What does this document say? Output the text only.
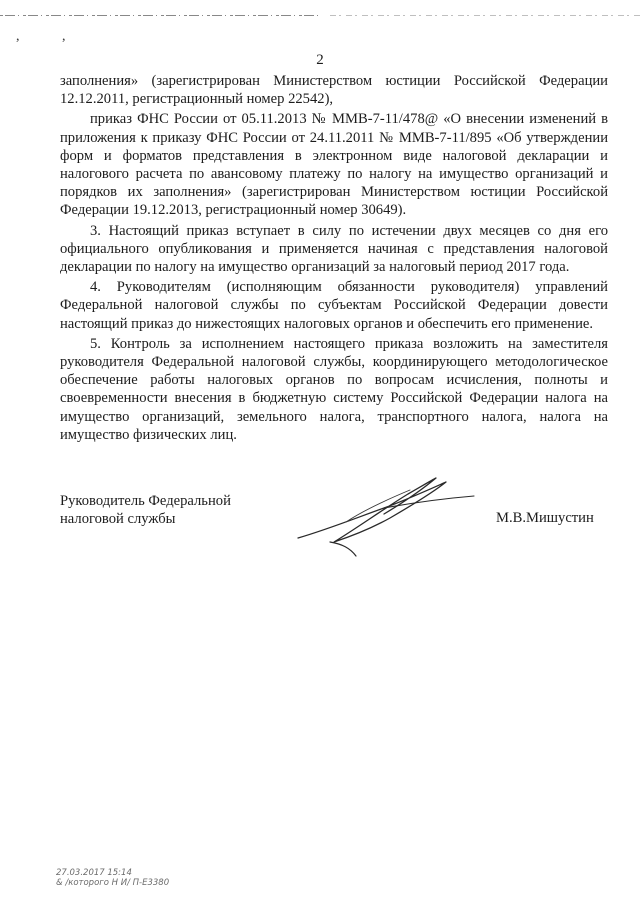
,	,
2

заполнения» (зарегистрирован Министерством юстиции Российской Федерации 12.12.2011, регистрационный номер 22542),

приказ ФНС России от 05.11.2013 № ММВ-7-11/478@ «О внесении изменений в приложения к приказу ФНС России от 24.11.2011 № ММВ-7-11/895 «Об утверждении форм и форматов представления в электронном виде налоговой декларации и налогового расчета по авансовому платежу по налогу на имущество организаций и порядков их заполнения» (зарегистрирован Министерством юстиции Российской Федерации 19.12.2013, регистрационный номер 30649).

3. Настоящий приказ вступает в силу по истечении двух месяцев со дня его официального опубликования и применяется начиная с представления налоговой декларации по налогу на имущество организаций за налоговый период 2017 года.

4. Руководителям (исполняющим обязанности руководителя) управлений Федеральной налоговой службы по субъектам Российской Федерации довести настоящий приказ до нижестоящих налоговых органов и обеспечить его применение.

5. Контроль за исполнением настоящего приказа возложить на заместителя руководителя Федеральной налоговой службы, координирующего методологическое обеспечение работы налоговых органов по вопросам исчисления, полноты и своевременности внесения в бюджетную систему Российской Федерации налога на имущество организаций, земельного налога, транспортного налога, налога на имущество физических лиц.

Руководитель Федеральной
налоговой службы	М.В.Мишустин
27.03.2017 15:14
& /которого Н И/ П-Е3380
